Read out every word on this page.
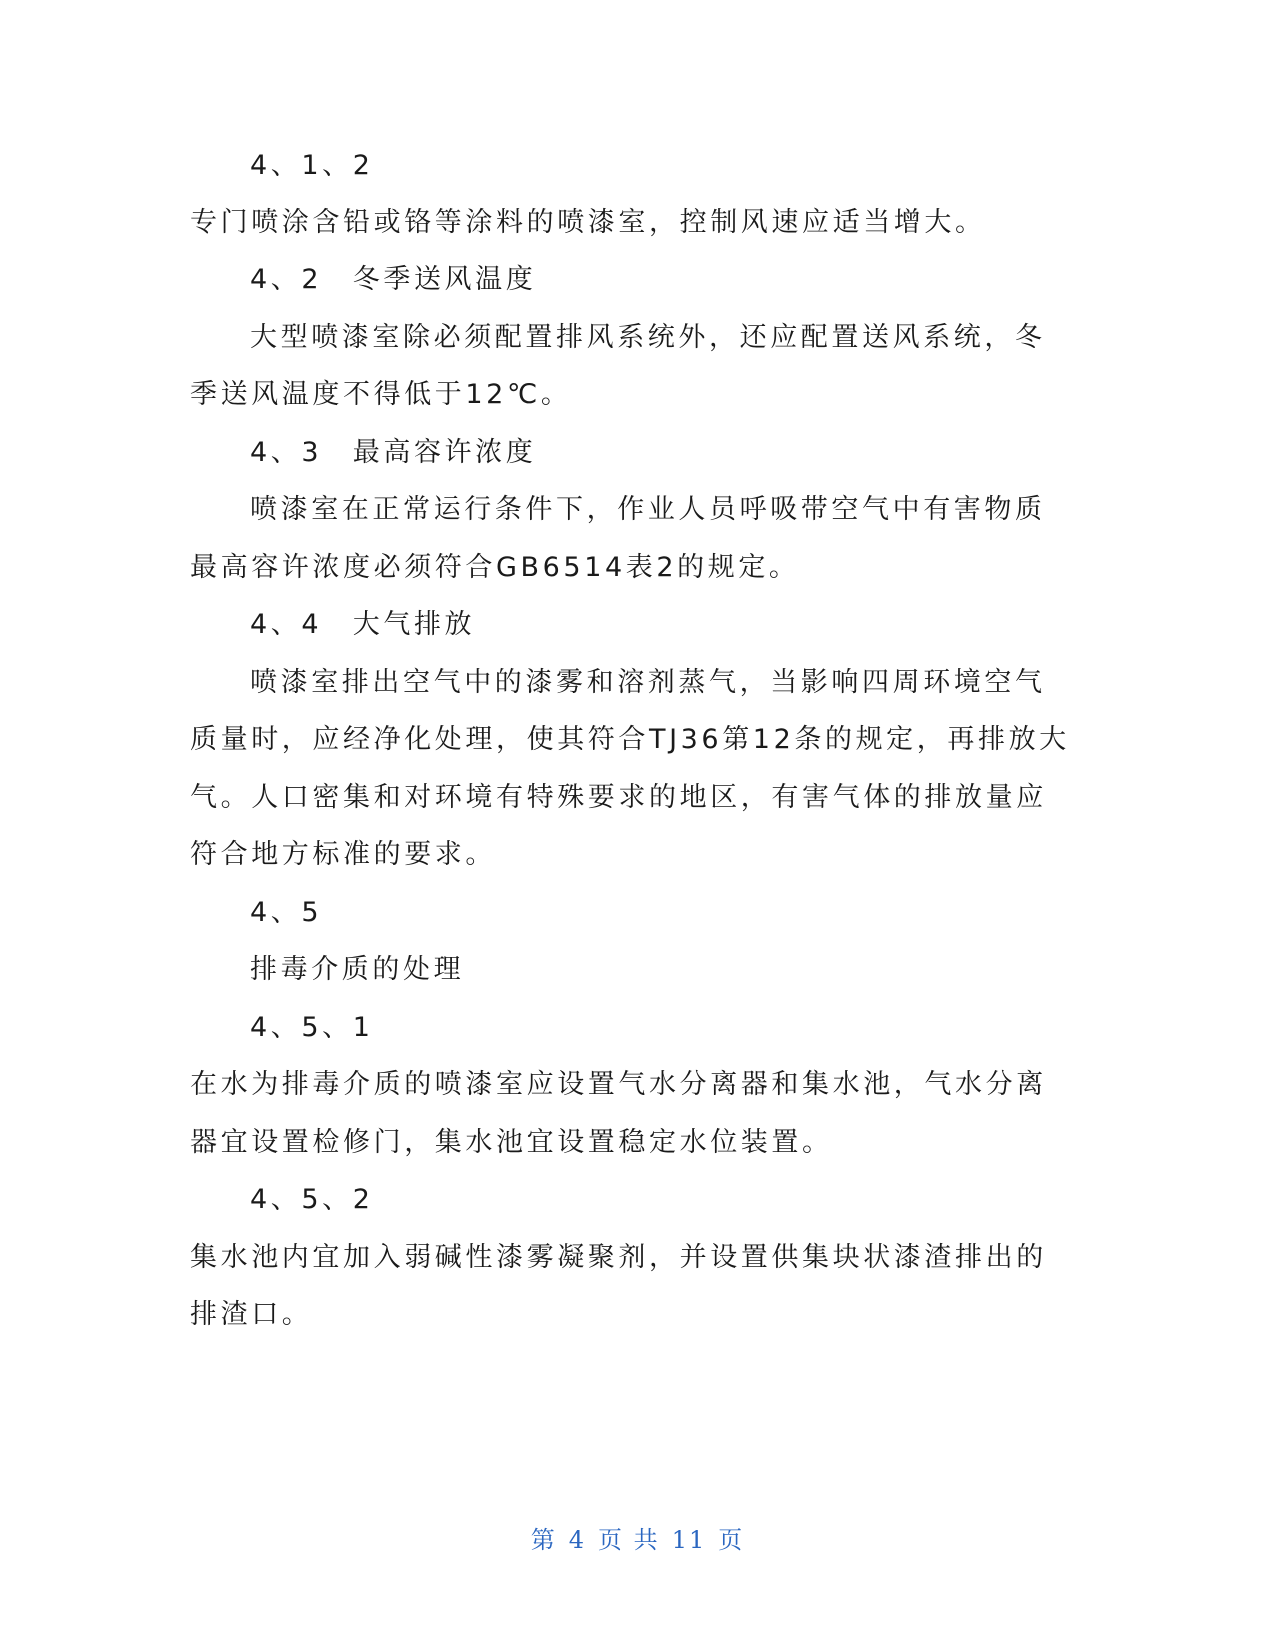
4、1、2
专门喷涂含铅或铬等涂料的喷漆室，控制风速应适当增大。
4、2　冬季送风温度
大型喷漆室除必须配置排风系统外，还应配置送风系统，冬
季送风温度不得低于12℃。
4、3　最高容许浓度
喷漆室在正常运行条件下，作业人员呼吸带空气中有害物质
最高容许浓度必须符合GB6514表2的规定。
4、4　大气排放
喷漆室排出空气中的漆雾和溶剂蒸气，当影响四周环境空气
质量时，应经净化处理，使其符合TJ36第12条的规定，再排放大
气。人口密集和对环境有特殊要求的地区，有害气体的排放量应
符合地方标准的要求。
4、5
排毒介质的处理
4、5、1
在水为排毒介质的喷漆室应设置气水分离器和集水池，气水分离
器宜设置检修门，集水池宜设置稳定水位装置。
4、5、2
集水池内宜加入弱碱性漆雾凝聚剂，并设置供集块状漆渣排出的
排渣口。
第 4 页 共 11 页
